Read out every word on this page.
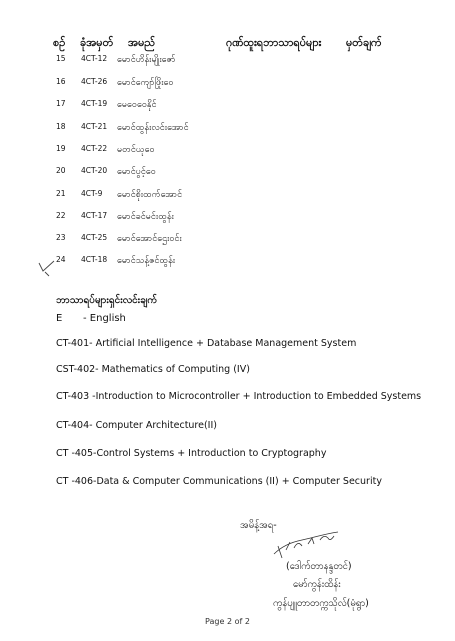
စဉ် ခုံအမှတ် အမည်	ဂုဏ်ထူးရဘာသာရပ်များ မှတ်ချက်
15 4CT-12 မောင်ဟိန်းမျိုးဇော်
16 4CT-26 မောင်ကျော်ဖြိုးဝေ
17 4CT-19 မေဝေဝေနိုင်
18 4CT-21 မောင်ထွန်းလင်းအောင်
19 4CT-22 မတင်ယုဝေ
20 4CT-20 မောင်ပွင့်ဝေ
21 4CT-9 မောင်စိုးထက်အောင်
22 4CT-17 မောင်ခင်မင်းထွန်း
23 4CT-25 မောင်အောင်ဌေးဝင်း
24 4CT-18 မောင်သန့်ဇင်ထွန်း
ဘာသာရပ်များရှင်းလင်းချက်
E - English
CT-401- Artificial Intelligence + Database Management System
CST-402- Mathematics of Computing (IV)
CT-403 -Introduction to Microcontroller + Introduction to Embedded Systems
CT-404- Computer Architecture(II)
CT -405-Control Systems + Introduction to Cryptography
CT -406-Data & Computer Communications (II) + Computer Security
အမိန့်အရ-
(ဒေါက်တာနန္ဒတင်)
မော်ကွန်းထိန်း
ကွန်ပျူတာတက္ကသိုလ်(မုံရွာ)
Page 2 of 2
